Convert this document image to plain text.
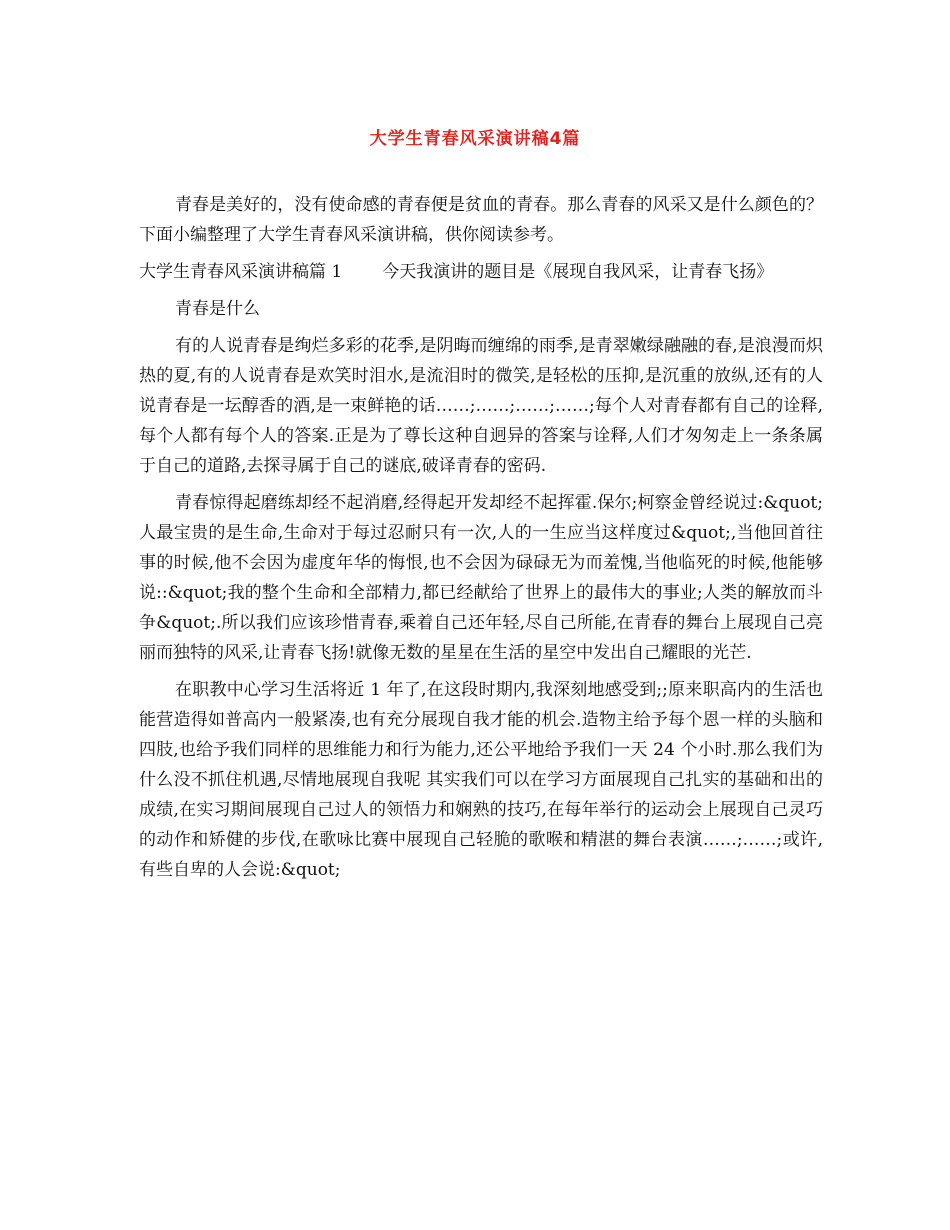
大学生青春风采演讲稿4篇

青春是美好的，没有使命感的青春便是贫血的青春。那么青春的风采又是什么颜色的？下面小编整理了大学生青春风采演讲稿，供你阅读参考。

大学生青春风采演讲稿篇 1 今天我演讲的题目是《展现自我风采，让青春飞扬》

青春是什么

有的人说青春是绚烂多彩的花季,是阴晦而缠绵的雨季,是青翠嫩绿融融的春,是浪漫而炽热的夏,有的人说青春是欢笑时泪水,是流泪时的微笑,是轻松的压抑,是沉重的放纵,还有的人说青春是一坛醇香的酒,是一束鲜艳的话……;……;……;……;每个人对青春都有自己的诠释,每个人都有每个人的答案.正是为了尊长这种自迥异的答案与诠释,人们才匆匆走上一条条属于自己的道路,去探寻属于自己的谜底,破译青春的密码.

青春惊得起磨练却经不起消磨,经得起开发却经不起挥霍.保尔;柯察金曾经说过:&quot;人最宝贵的是生命,生命对于每过忍耐只有一次,人的一生应当这样度过&quot;,当他回首往事的时候,他不会因为虚度年华的悔恨,也不会因为碌碌无为而羞愧,当他临死的时候,他能够说::&quot;我的整个生命和全部精力,都已经献给了世界上的最伟大的事业;人类的解放而斗争&quot;.所以我们应该珍惜青春,乘着自己还年轻,尽自己所能,在青春的舞台上展现自己亮丽而独特的风采,让青春飞扬!就像无数的星星在生活的星空中发出自己耀眼的光芒.

在职教中心学习生活将近 1 年了,在这段时期内,我深刻地感受到;;原来职高内的生活也能营造得如普高内一般紧凑,也有充分展现自我才能的机会.造物主给予每个恩一样的头脑和四肢,也给予我们同样的思维能力和行为能力,还公平地给予我们一天 24 个小时.那么我们为什么没不抓住机遇,尽情地展现自我呢 其实我们可以在学习方面展现自己扎实的基础和出的成绩,在实习期间展现自己过人的领悟力和娴熟的技巧,在每年举行的运动会上展现自己灵巧的动作和矫健的步伐,在歌咏比赛中展现自己轻脆的歌喉和精湛的舞台表演……;……;或许,有些自卑的人会说:&quot;
